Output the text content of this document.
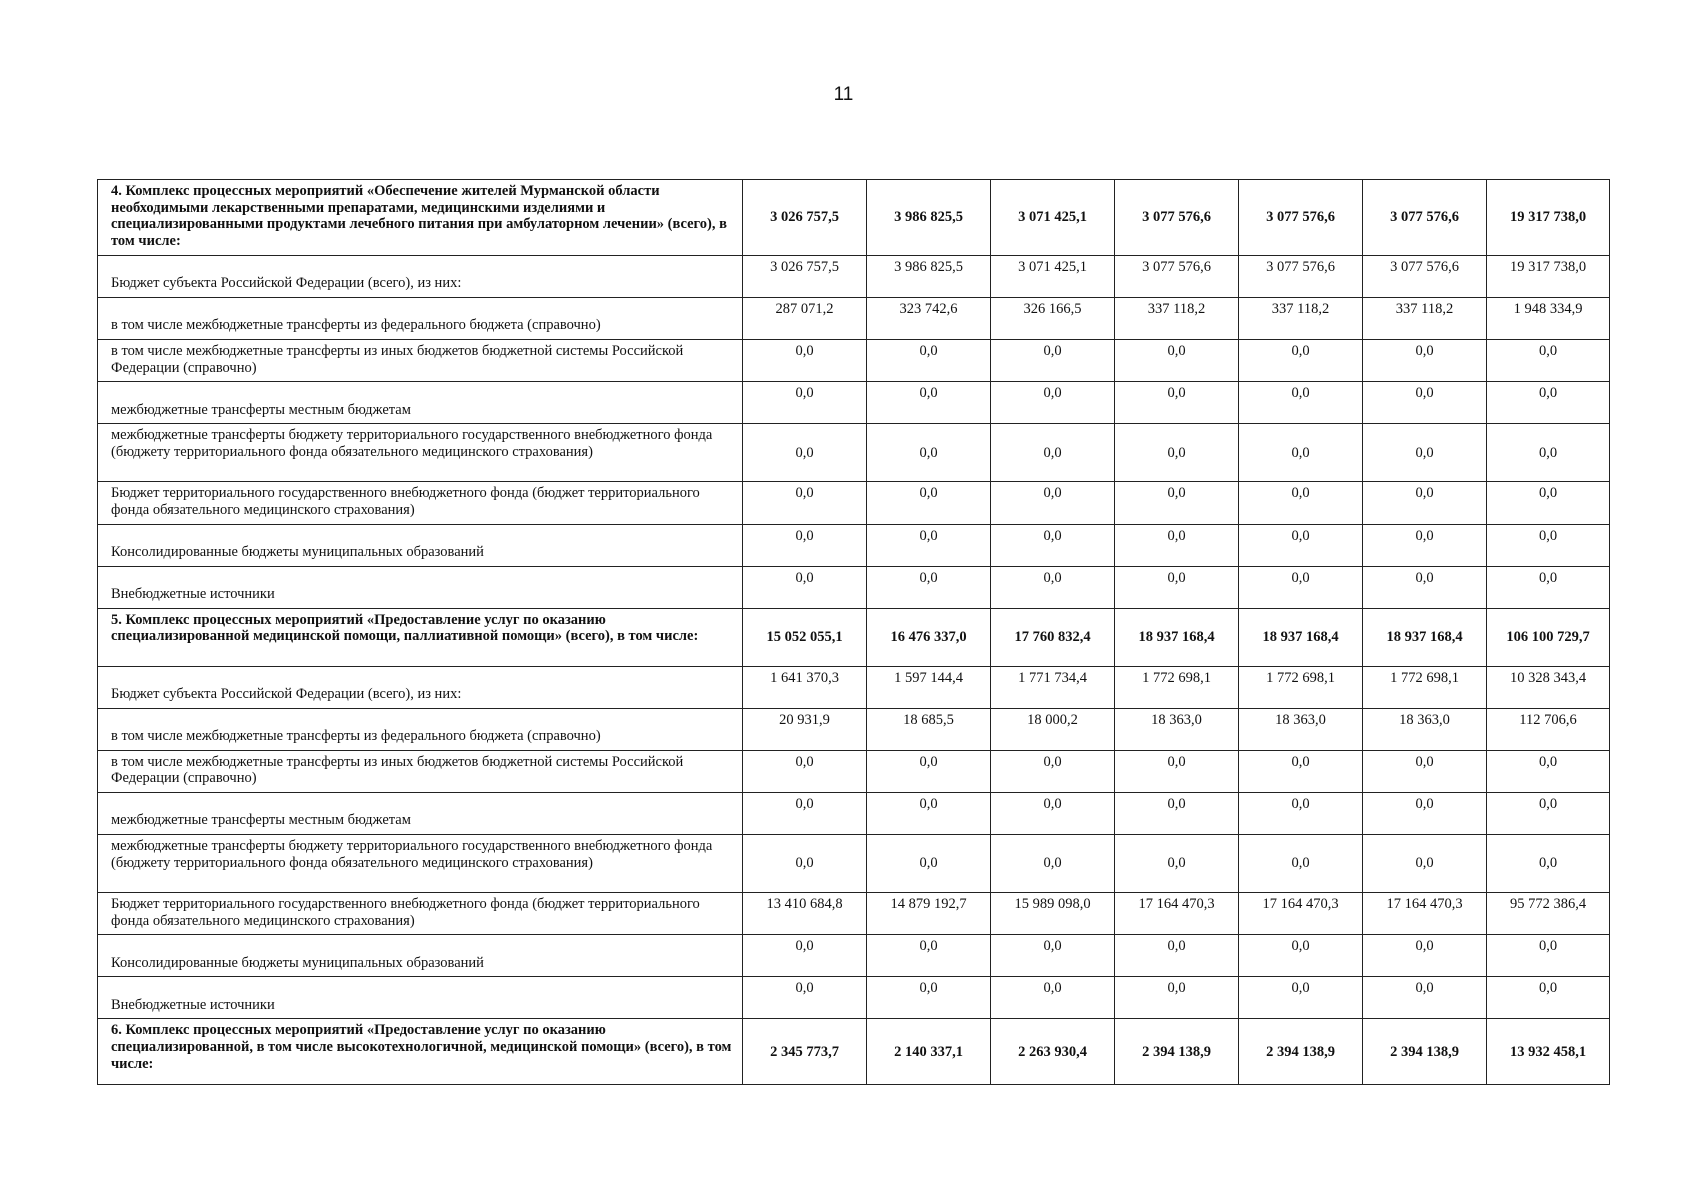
11
4. Комплекс процессных мероприятий «Обеспечение жителей Мурманской области необходимыми лекарственными препаратами, медицинскими изделиями и специализированными продуктами лечебного питания при амбулаторном лечении» (всего), в том числе:	3 026 757,5	3 986 825,5	3 071 425,1	3 077 576,6	3 077 576,6	3 077 576,6	19 317 738,0
Бюджет субъекта Российской Федерации (всего), из них:	3 026 757,5	3 986 825,5	3 071 425,1	3 077 576,6	3 077 576,6	3 077 576,6	19 317 738,0
в том числе межбюджетные трансферты из федерального бюджета (справочно)	287 071,2	323 742,6	326 166,5	337 118,2	337 118,2	337 118,2	1 948 334,9
в том числе межбюджетные трансферты из иных бюджетов бюджетной системы Российской Федерации (справочно)	0,0	0,0	0,0	0,0	0,0	0,0	0,0
межбюджетные трансферты местным бюджетам	0,0	0,0	0,0	0,0	0,0	0,0	0,0
межбюджетные трансферты бюджету территориального государственного внебюджетного фонда (бюджету территориального фонда обязательного медицинского страхования)	0,0	0,0	0,0	0,0	0,0	0,0	0,0
Бюджет территориального государственного внебюджетного фонда (бюджет территориального фонда обязательного медицинского страхования)	0,0	0,0	0,0	0,0	0,0	0,0	0,0
Консолидированные бюджеты муниципальных образований	0,0	0,0	0,0	0,0	0,0	0,0	0,0
Внебюджетные источники	0,0	0,0	0,0	0,0	0,0	0,0	0,0
5. Комплекс процессных мероприятий «Предоставление услуг по оказанию специализированной медицинской помощи, паллиативной помощи» (всего), в том числе:	15 052 055,1	16 476 337,0	17 760 832,4	18 937 168,4	18 937 168,4	18 937 168,4	106 100 729,7
Бюджет субъекта Российской Федерации (всего), из них:	1 641 370,3	1 597 144,4	1 771 734,4	1 772 698,1	1 772 698,1	1 772 698,1	10 328 343,4
в том числе межбюджетные трансферты из федерального бюджета (справочно)	20 931,9	18 685,5	18 000,2	18 363,0	18 363,0	18 363,0	112 706,6
в том числе межбюджетные трансферты из иных бюджетов бюджетной системы Российской Федерации (справочно)	0,0	0,0	0,0	0,0	0,0	0,0	0,0
межбюджетные трансферты местным бюджетам	0,0	0,0	0,0	0,0	0,0	0,0	0,0
межбюджетные трансферты бюджету территориального государственного внебюджетного фонда (бюджету территориального фонда обязательного медицинского страхования)	0,0	0,0	0,0	0,0	0,0	0,0	0,0
Бюджет территориального государственного внебюджетного фонда (бюджет территориального фонда обязательного медицинского страхования)	13 410 684,8	14 879 192,7	15 989 098,0	17 164 470,3	17 164 470,3	17 164 470,3	95 772 386,4
Консолидированные бюджеты муниципальных образований	0,0	0,0	0,0	0,0	0,0	0,0	0,0
Внебюджетные источники	0,0	0,0	0,0	0,0	0,0	0,0	0,0
6. Комплекс процессных мероприятий «Предоставление услуг по оказанию специализированной, в том числе высокотехнологичной, медицинской помощи» (всего), в том числе:	2 345 773,7	2 140 337,1	2 263 930,4	2 394 138,9	2 394 138,9	2 394 138,9	13 932 458,1
